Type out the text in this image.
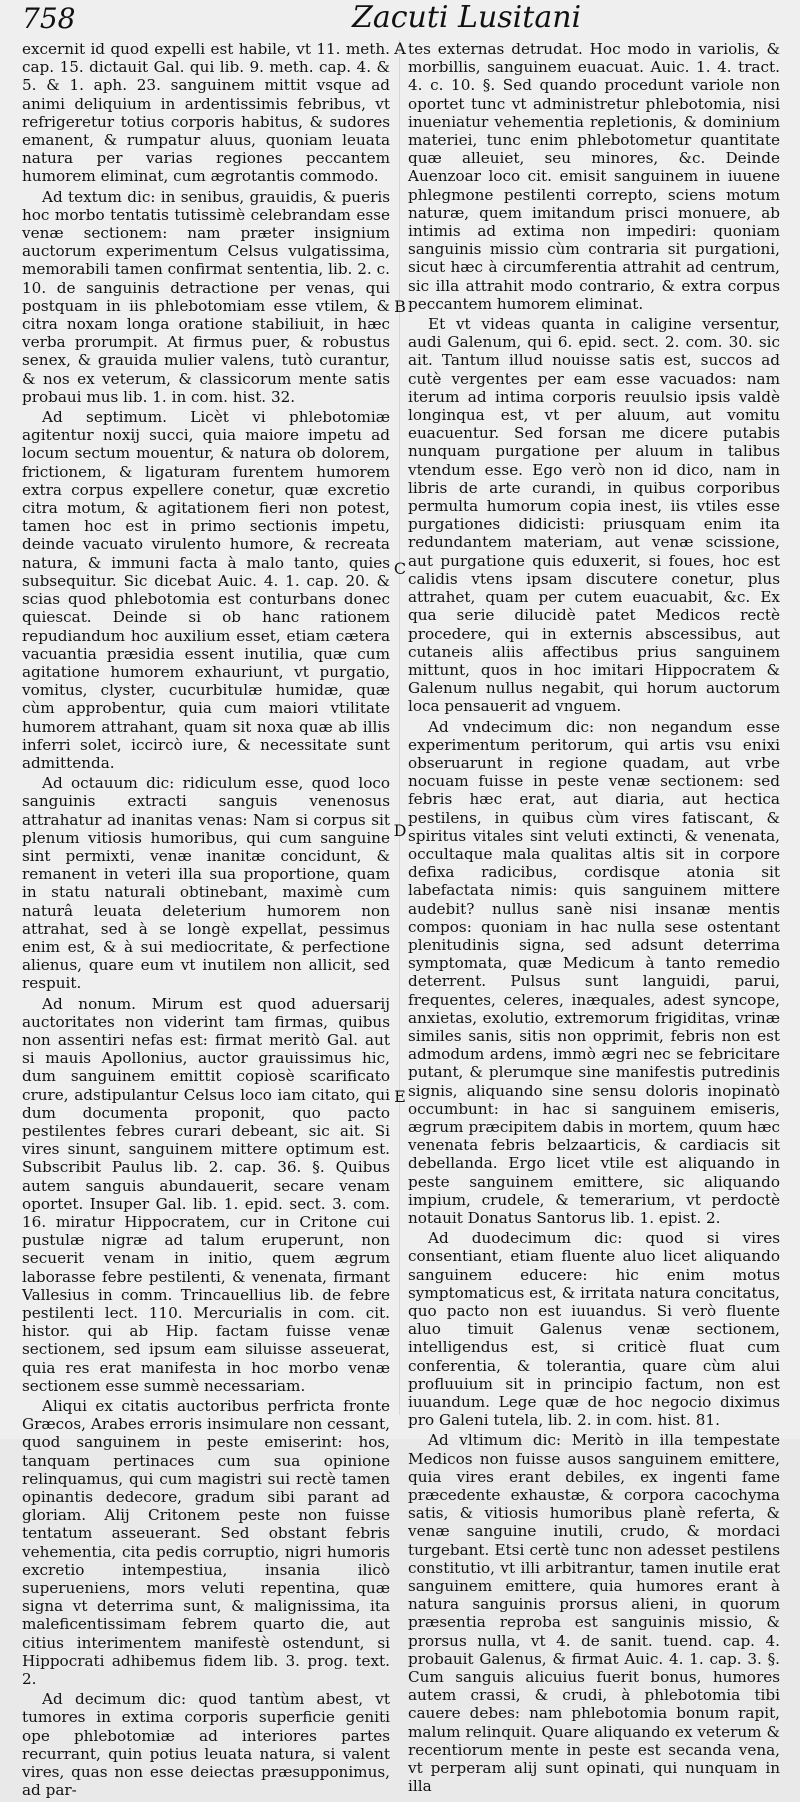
758	Zacuti Lusitani
A
B
C
D
E

excernit id quod expelli est habile, vt 11. meth. cap. 15. dictauit Gal. qui lib. 9. meth. cap. 4. & 5. & 1. aph. 23. sanguinem mittit vsque ad animi deliquium in ardentissimis febribus, vt refrigeretur totius corporis habitus, & sudores emanent, & rumpatur aluus, quoniam leuata natura per varias regiones peccantem humorem eliminat, cum ægrotantis commodo.

Ad textum dic: in senibus, grauidis, & pueris hoc morbo tentatis tutissimè celebrandam esse venæ sectionem: nam præter insignium auctorum experimentum Celsus vulgatissima, memorabili tamen confirmat sententia, lib. 2. c. 10. de sanguinis detractione per venas, qui postquam in iis phlebotomiam esse vtilem, & citra noxam longa oratione stabiliuit, in hæc verba prorumpit. At firmus puer, & robustus senex, & grauida mulier valens, tutò curantur, & nos ex veterum, & classicorum mente satis probaui mus lib. 1. in com. hist. 32.

Ad septimum. Licèt vi phlebotomiæ agitentur noxij succi, quia maiore impetu ad locum sectum mouentur, & natura ob dolorem, frictionem, & ligaturam furentem humorem extra corpus expellere conetur, quæ excretio citra motum, & agitationem fieri non potest, tamen hoc est in primo sectionis impetu, deinde vacuato virulento humore, & recreata natura, & immuni facta à malo tanto, quies subsequitur. Sic dicebat Auic. 4. 1. cap. 20. & scias quod phlebotomia est conturbans donec quiescat. Deinde si ob hanc rationem repudiandum hoc auxilium esset, etiam cætera vacuantia præsidia essent inutilia, quæ cum agitatione humorem exhauriunt, vt purgatio, vomitus, clyster, cucurbitulæ humidæ, quæ cùm approbentur, quia cum maiori vtilitate humorem attrahant, quam sit noxa quæ ab illis inferri solet, iccircò iure, & necessitate sunt admittenda.

Ad octauum dic: ridiculum esse, quod loco sanguinis extracti sanguis venenosus attrahatur ad inanitas venas: Nam si corpus sit plenum vitiosis humoribus, qui cum sanguine sint permixti, venæ inanitæ concidunt, & remanent in veteri illa sua proportione, quam in statu naturali obtinebant, maximè cum naturâ leuata deleterium humorem non attrahat, sed à se longè expellat, pessimus enim est, & à sui mediocritate, & perfectione alienus, quare eum vt inutilem non allicit, sed respuit.

Ad nonum. Mirum est quod aduersarij auctoritates non viderint tam firmas, quibus non assentiri nefas est: firmat meritò Gal. aut si mauis Apollonius, auctor grauissimus hic, dum sanguinem emittit copiosè scarificato crure, adstipulantur Celsus loco iam citato, qui dum documenta proponit, quo pacto pestilentes febres curari debeant, sic ait. Si vires sinunt, sanguinem mittere optimum est. Subscribit Paulus lib. 2. cap. 36. §. Quibus autem sanguis abundauerit, secare venam oportet. Insuper Gal. lib. 1. epid. sect. 3. com. 16. miratur Hippocratem, cur in Critone cui pustulæ nigræ ad talum eruperunt, non secuerit venam in initio, quem ægrum laborasse febre pestilenti, & venenata, firmant Vallesius in comm. Trincauellius lib. de febre pestilenti lect. 110. Mercurialis in com. cit. histor. qui ab Hip. factam fuisse venæ sectionem, sed ipsum eam siluisse asseuerat, quia res erat manifesta in hoc morbo venæ sectionem esse summè necessariam.

Aliqui ex citatis auctoribus perfricta fronte Græcos, Arabes erroris insimulare non cessant, quod sanguinem in peste emiserint: hos, tanquam pertinaces cum sua opinione relinquamus, qui cum magistri sui rectè tamen opinantis dedecore, gradum sibi parant ad gloriam. Alij Critonem peste non fuisse tentatum asseuerant. Sed obstant febris vehementia, cita pedis corruptio, nigri humoris excretio intempestiua, insania ilicò superueniens, mors veluti repentina, quæ signa vt deterrima sunt, & malignissima, ita maleficentissimam febrem quarto die, aut citius interimentem manifestè ostendunt, si Hippocrati adhibemus fidem lib. 3. prog. text. 2.

Ad decimum dic: quod tantùm abest, vt tumores in extima corporis superficie geniti ope phlebotomiæ ad interiores partes recurrant, quin potius leuata natura, si valent vires, quas non esse deiectas præsupponimus, ad par-

tes externas detrudat. Hoc modo in variolis, & morbillis, sanguinem euacuat. Auic. 1. 4. tract. 4. c. 10. §. Sed quando procedunt variole non oportet tunc vt administretur phlebotomia, nisi inueniatur vehementia repletionis, & dominium materiei, tunc enim phlebotometur quantitate quæ alleuiet, seu minores, &c. Deinde Auenzoar loco cit. emisit sanguinem in iuuene phlegmone pestilenti correpto, sciens motum naturæ, quem imitandum prisci monuere, ab intimis ad extima non impediri: quoniam sanguinis missio cùm contraria sit purgationi, sicut hæc à circumferentia attrahit ad centrum, sic illa attrahit modo contrario, & extra corpus peccantem humorem eliminat.

Et vt videas quanta in caligine versentur, audi Galenum, qui 6. epid. sect. 2. com. 30. sic ait. Tantum illud nouisse satis est, succos ad cutè vergentes per eam esse vacuados: nam iterum ad intima corporis reuulsio ipsis valdè longinqua est, vt per aluum, aut vomitu euacuentur. Sed forsan me dicere putabis nunquam purgatione per aluum in talibus vtendum esse. Ego verò non id dico, nam in libris de arte curandi, in quibus corporibus permulta humorum copia inest, iis vtiles esse purgationes didicisti: priusquam enim ita redundantem materiam, aut venæ scissione, aut purgatione quis eduxerit, si foues, hoc est calidis vtens ipsam discutere conetur, plus attrahet, quam per cutem euacuabit, &c. Ex qua serie dilucidè patet Medicos rectè procedere, qui in externis abscessibus, aut cutaneis aliis affectibus prius sanguinem mittunt, quos in hoc imitari Hippocratem & Galenum nullus negabit, qui horum auctorum loca pensauerit ad vnguem.

Ad vndecimum dic: non negandum esse experimentum peritorum, qui artis vsu enixi obseruarunt in regione quadam, aut vrbe nocuam fuisse in peste venæ sectionem: sed febris hæc erat, aut diaria, aut hectica pestilens, in quibus cùm vires fatiscant, & spiritus vitales sint veluti extincti, & venenata, occultaque mala qualitas altis sit in corpore defixa radicibus, cordisque atonia sit labefactata nimis: quis sanguinem mittere audebit? nullus sanè nisi insanæ mentis compos: quoniam in hac nulla sese ostentant plenitudinis signa, sed adsunt deterrima symptomata, quæ Medicum à tanto remedio deterrent. Pulsus sunt languidi, parui, frequentes, celeres, inæquales, adest syncope, anxietas, exolutio, extremorum frigiditas, vrinæ similes sanis, sitis non opprimit, febris non est admodum ardens, immò ægri nec se febricitare putant, & plerumque sine manifestis putredinis signis, aliquando sine sensu doloris inopinatò occumbunt: in hac si sanguinem emiseris, ægrum præcipitem dabis in mortem, quum hæc venenata febris belzaarticis, & cardiacis sit debellanda. Ergo licet vtile est aliquando in peste sanguinem emittere, sic aliquando impium, crudele, & temerarium, vt perdoctè notauit Donatus Santorus lib. 1. epist. 2.

Ad duodecimum dic: quod si vires consentiant, etiam fluente aluo licet aliquando sanguinem educere: hic enim motus symptomaticus est, & irritata natura concitatus, quo pacto non est iuuandus. Si verò fluente aluo timuit Galenus venæ sectionem, intelligendus est, si criticè fluat cum conferentia, & tolerantia, quare cùm alui profluuium sit in principio factum, non est iuuandum. Lege quæ de hoc negocio diximus pro Galeni tutela, lib. 2. in com. hist. 81.

Ad vltimum dic: Meritò in illa tempestate Medicos non fuisse ausos sanguinem emittere, quia vires erant debiles, ex ingenti fame præcedente exhaustæ, & corpora cacochyma satis, & vitiosis humoribus planè referta, & venæ sanguine inutili, crudo, & mordaci turgebant. Etsi certè tunc non adesset pestilens constitutio, vt illi arbitrantur, tamen inutile erat sanguinem emittere, quia humores erant à natura sanguinis prorsus alieni, in quorum præsentia reproba est sanguinis missio, & prorsus nulla, vt 4. de sanit. tuend. cap. 4. probauit Galenus, & firmat Auic. 4. 1. cap. 3. §. Cum sanguis alicuius fuerit bonus, humores autem crassi, & crudi, à phlebotomia tibi cauere debes: nam phlebotomia bonum rapit, malum relinquit. Quare aliquando ex veterum & recentiorum mente in peste est secanda vena, vt perperam alij sunt opinati, qui nunquam in illa
